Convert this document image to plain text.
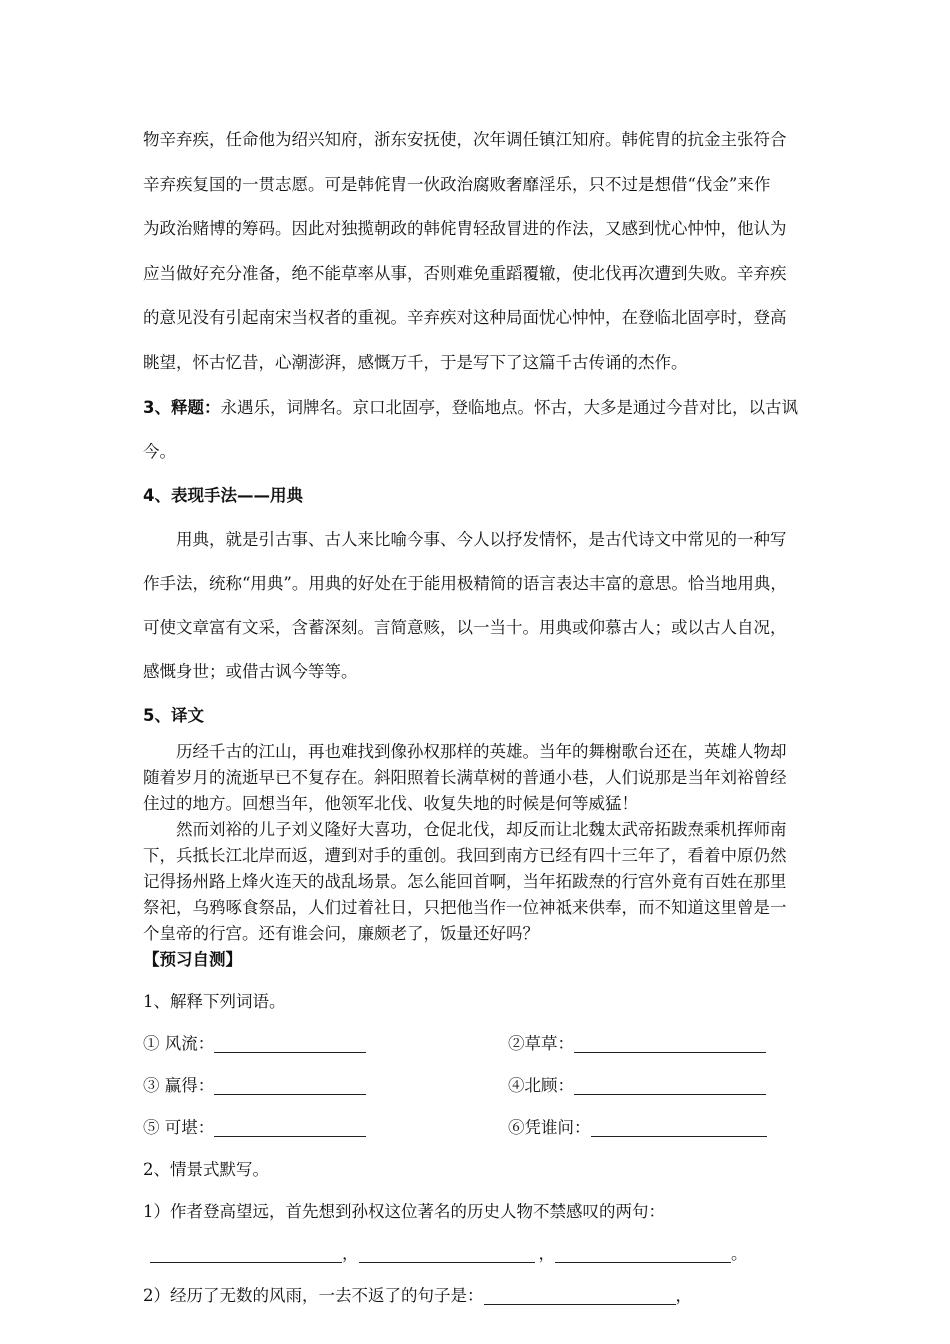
物辛弃疾，任命他为绍兴知府，浙东安抚使，次年调任镇江知府。韩侂胄的抗金主张符合
辛弃疾复国的一贯志愿。可是韩侂胄一伙政治腐败奢靡淫乐，只不过是想借“伐金”来作
为政治赌博的筹码。因此对独揽朝政的韩侂胄轻敌冒进的作法，又感到忧心忡忡，他认为
应当做好充分准备，绝不能草率从事，否则难免重蹈覆辙，使北伐再次遭到失败。辛弃疾
的意见没有引起南宋当权者的重视。辛弃疾对这种局面忧心忡忡，在登临北固亭时，登高
眺望，怀古忆昔，心潮澎湃，感慨万千，于是写下了这篇千古传诵的杰作。
3、释题：永遇乐，词牌名。京口北固亭，登临地点。怀古，大多是通过今昔对比，以古讽
今。
4、表现手法——用典
用典，就是引古事、古人来比喻今事、今人以抒发情怀，是古代诗文中常见的一种写
作手法，统称“用典”。用典的好处在于能用极精简的语言表达丰富的意思。恰当地用典，
可使文章富有文采，含蓄深刻。言简意赅，以一当十。用典或仰慕古人；或以古人自况，
感慨身世；或借古讽今等等。
5、译文
历经千古的江山，再也难找到像孙权那样的英雄。当年的舞榭歌台还在，英雄人物却
随着岁月的流逝早已不复存在。斜阳照着长满草树的普通小巷，人们说那是当年刘裕曾经
住过的地方。回想当年，他领军北伐、收复失地的时候是何等威猛！
然而刘裕的儿子刘义隆好大喜功，仓促北伐，却反而让北魏太武帝拓跋焘乘机挥师南
下，兵抵长江北岸而返，遭到对手的重创。我回到南方已经有四十三年了，看着中原仍然
记得扬州路上烽火连天的战乱场景。怎么能回首啊，当年拓跋焘的行宫外竟有百姓在那里
祭祀，乌鸦啄食祭品，人们过着社日，只把他当作一位神祗来供奉，而不知道这里曾是一
个皇帝的行宫。还有谁会问，廉颇老了，饭量还好吗？
【预习自测】
1、解释下列词语。
① 风流：	②草草：
③ 赢得：	④北顾：
⑤ 可堪：	⑥凭谁问：
2、情景式默写。
1）作者登高望远，首先想到孙权这位著名的历史人物不禁感叹的两句：
，	，	。
2）经历了无数的风雨，一去不返了的句子是：	，
